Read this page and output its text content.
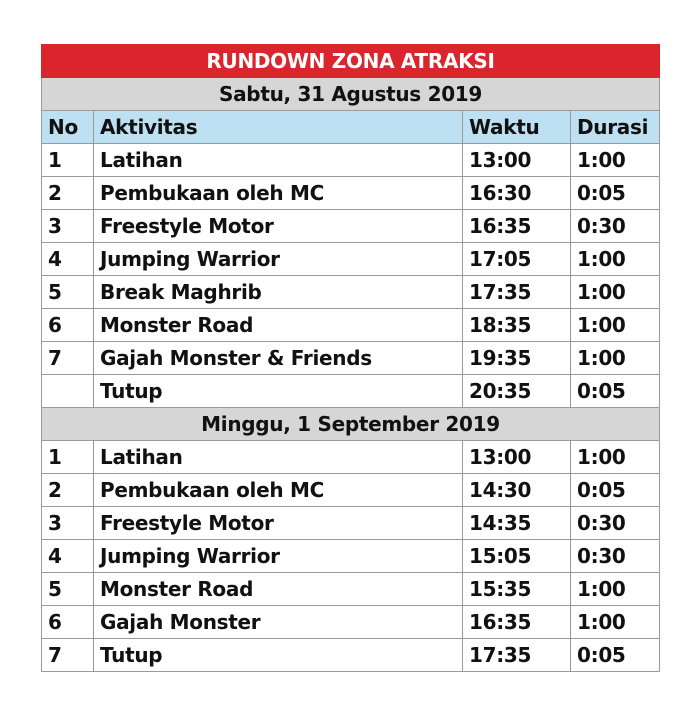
RUNDOWN ZONA ATRAKSI			
Sabtu, 31 Agustus 2019			
No	Aktivitas	Waktu	Durasi
1	Latihan	13:00	1:00
2	Pembukaan oleh MC	16:30	0:05
3	Freestyle Motor	16:35	0:30
4	Jumping Warrior	17:05	1:00
5	Break Maghrib	17:35	1:00
6	Monster Road	18:35	1:00
7	Gajah Monster & Friends	19:35	1:00
	Tutup	20:35	0:05
Minggu, 1 September 2019			
1	Latihan	13:00	1:00
2	Pembukaan oleh MC	14:30	0:05
3	Freestyle Motor	14:35	0:30
4	Jumping Warrior	15:05	0:30
5	Monster Road	15:35	1:00
6	Gajah Monster	16:35	1:00
7	Tutup	17:35	0:05
